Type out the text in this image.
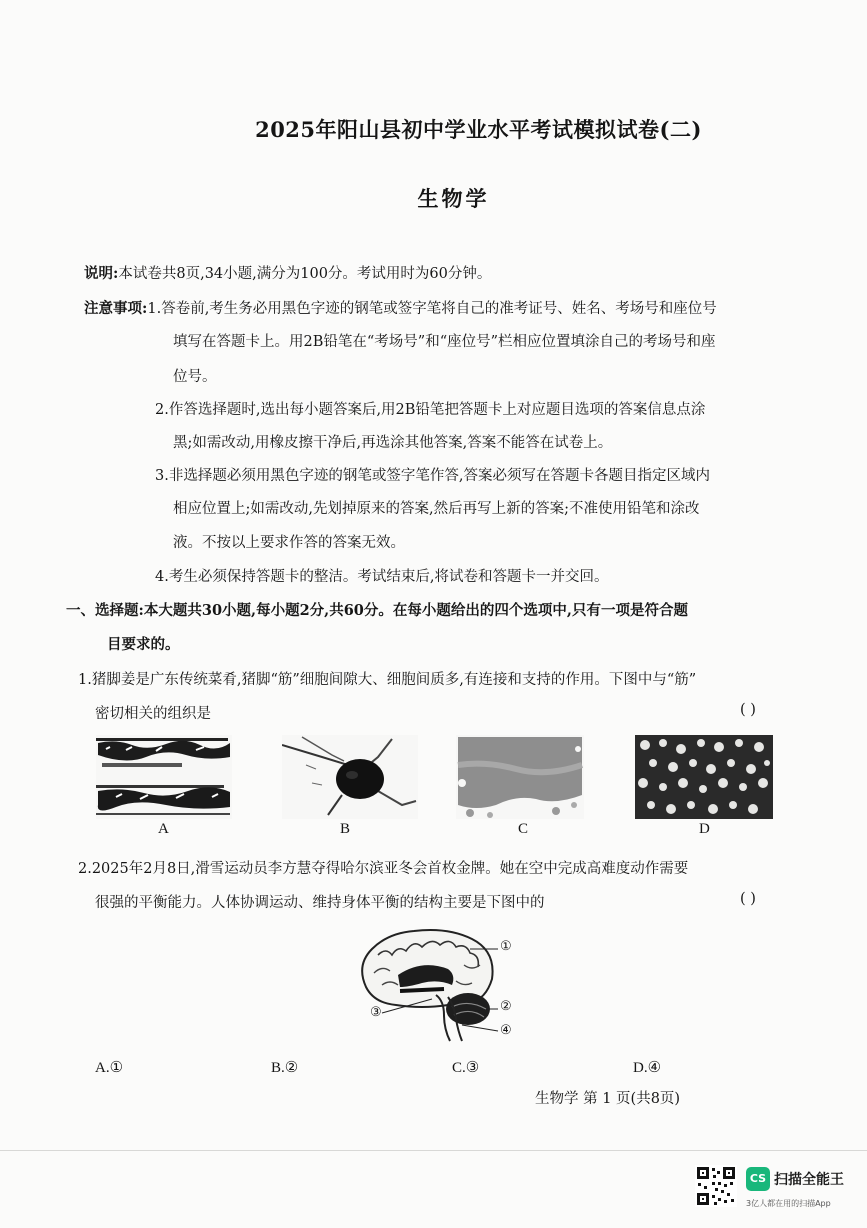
2025年阳山县初中学业水平考试模拟试卷(二)
生物学
说明:本试卷共8页,34小题,满分为100分。考试用时为60分钟。
注意事项:1.答卷前,考生务必用黑色字迹的钢笔或签字笔将自己的准考证号、姓名、考场号和座位号
填写在答题卡上。用2B铅笔在“考场号”和“座位号”栏相应位置填涂自己的考场号和座
位号。
2.作答选择题时,选出每小题答案后,用2B铅笔把答题卡上对应题目选项的答案信息点涂
黑;如需改动,用橡皮擦干净后,再选涂其他答案,答案不能答在试卷上。
3.非选择题必须用黑色字迹的钢笔或签字笔作答,答案必须写在答题卡各题目指定区域内
相应位置上;如需改动,先划掉原来的答案,然后再写上新的答案;不准使用铅笔和涂改
液。不按以上要求作答的答案无效。
4.考生必须保持答题卡的整洁。考试结束后,将试卷和答题卡一并交回。
一、选择题:本大题共30小题,每小题2分,共60分。在每小题给出的四个选项中,只有一项是符合题
目要求的。
1.猪脚姜是广东传统菜肴,猪脚“筋”细胞间隙大、细胞间质多,有连接和支持的作用。下图中与“筋”
密切相关的组织是	( )
A	B	C	D
2.2025年2月8日,滑雪运动员李方慧夺得哈尔滨亚冬会首枚金牌。她在空中完成高难度动作需要
很强的平衡能力。人体协调运动、维持身体平衡的结构主要是下图中的	( )
①
②
③
④
A.①	B.②	C.③	D.④
生物学 第 1 页(共8页)
CS 扫描全能王
3亿人都在用的扫描App
